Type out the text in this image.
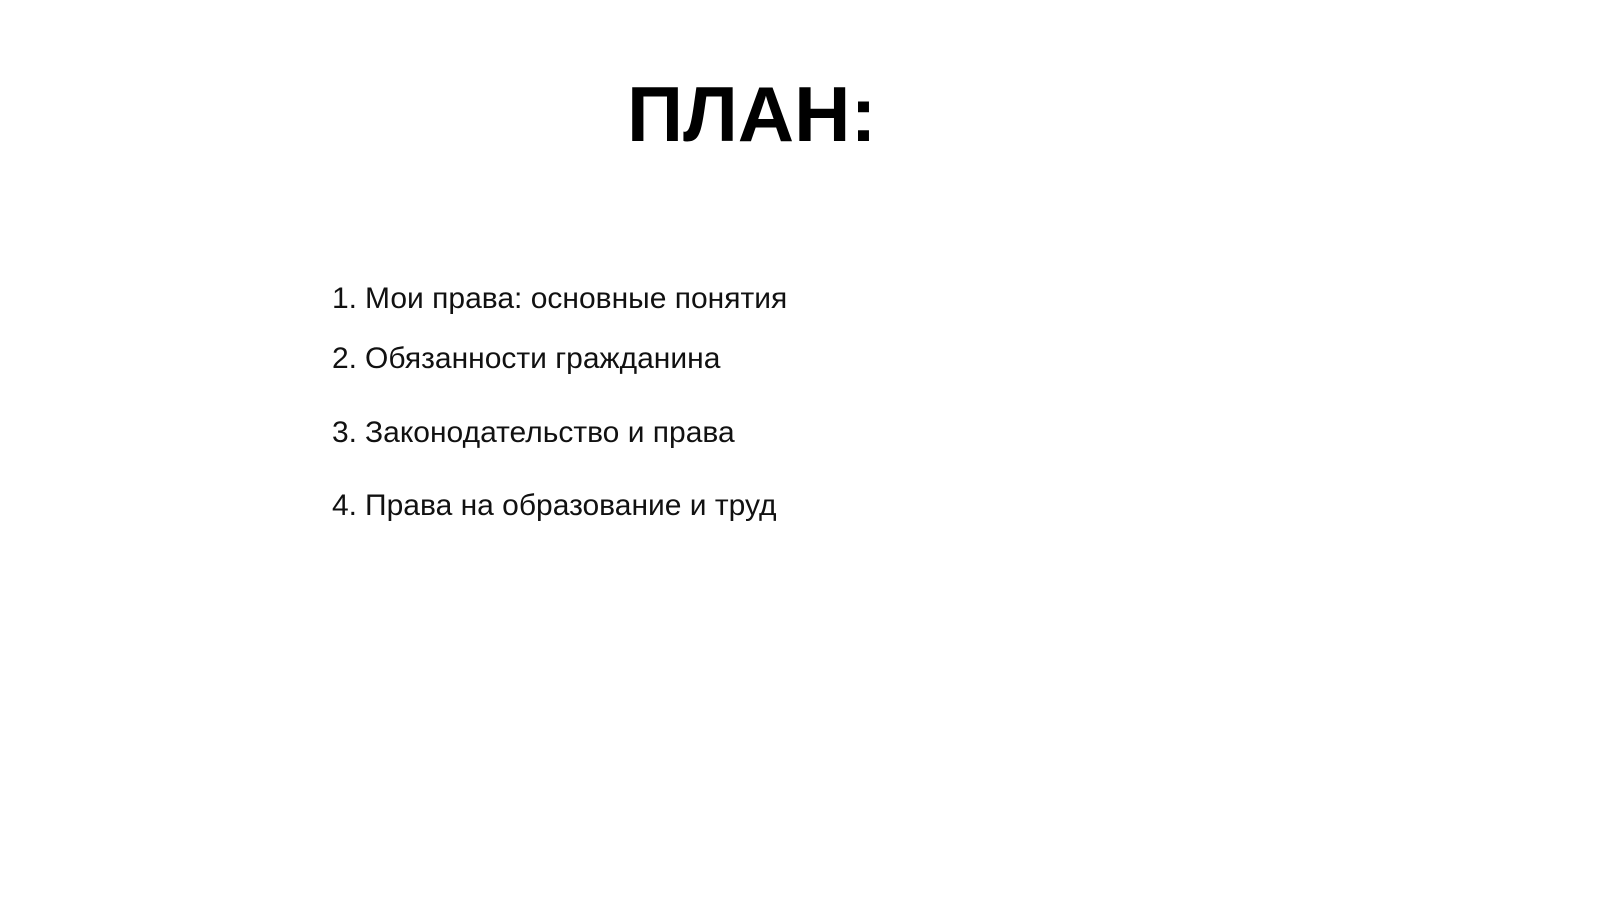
ПЛАН:
1. Мои права: основные понятия
2. Обязанности гражданина
3. Законодательство и права
4. Права на образование и труд
